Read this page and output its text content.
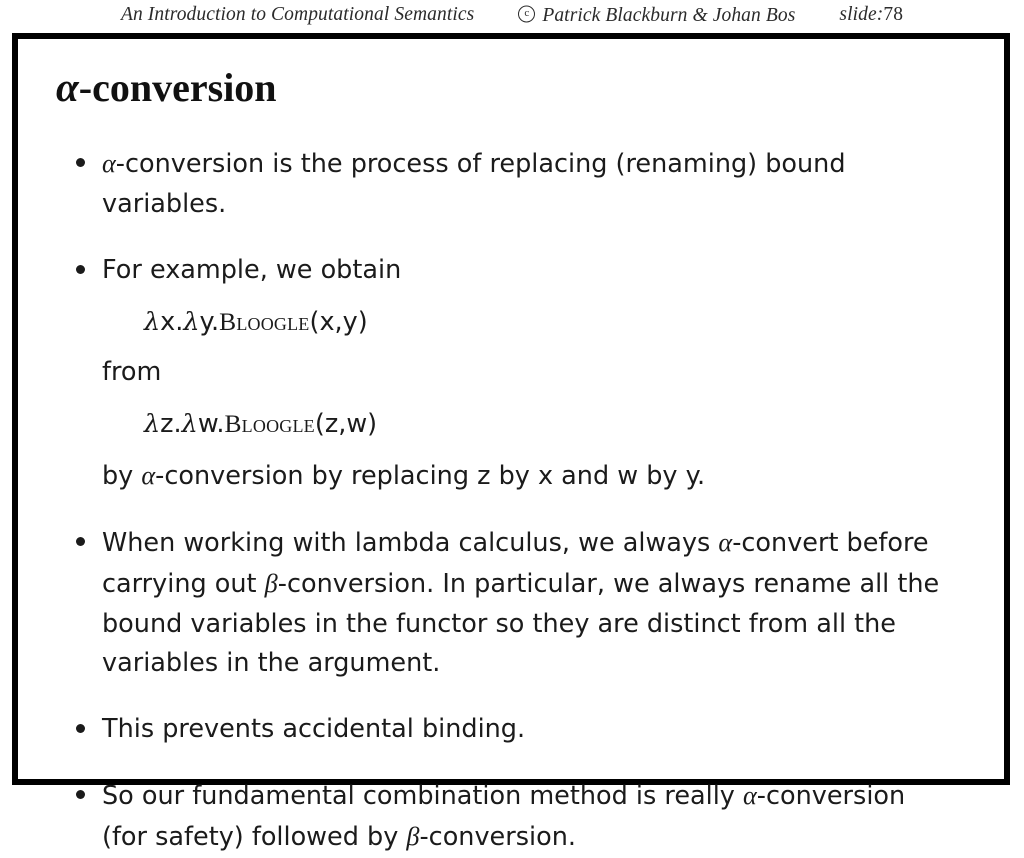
An Introduction to Computational Semantics	c Patrick Blackburn & Johan Bos slide:78
α-conversion
α-conversion is the process of replacing (renaming) bound variables.
For example, we obtain
λx.λy.Bloogle(x,y)
from
λz.λw.Bloogle(z,w)
by α-conversion by replacing z by x and w by y.
When working with lambda calculus, we always α-convert before carrying out β-conversion. In particular, we always rename all the bound variables in the functor so they are distinct from all the variables in the argument.
This prevents accidental binding.
So our fundamental combination method is really α-conversion (for safety) followed by β-conversion.
